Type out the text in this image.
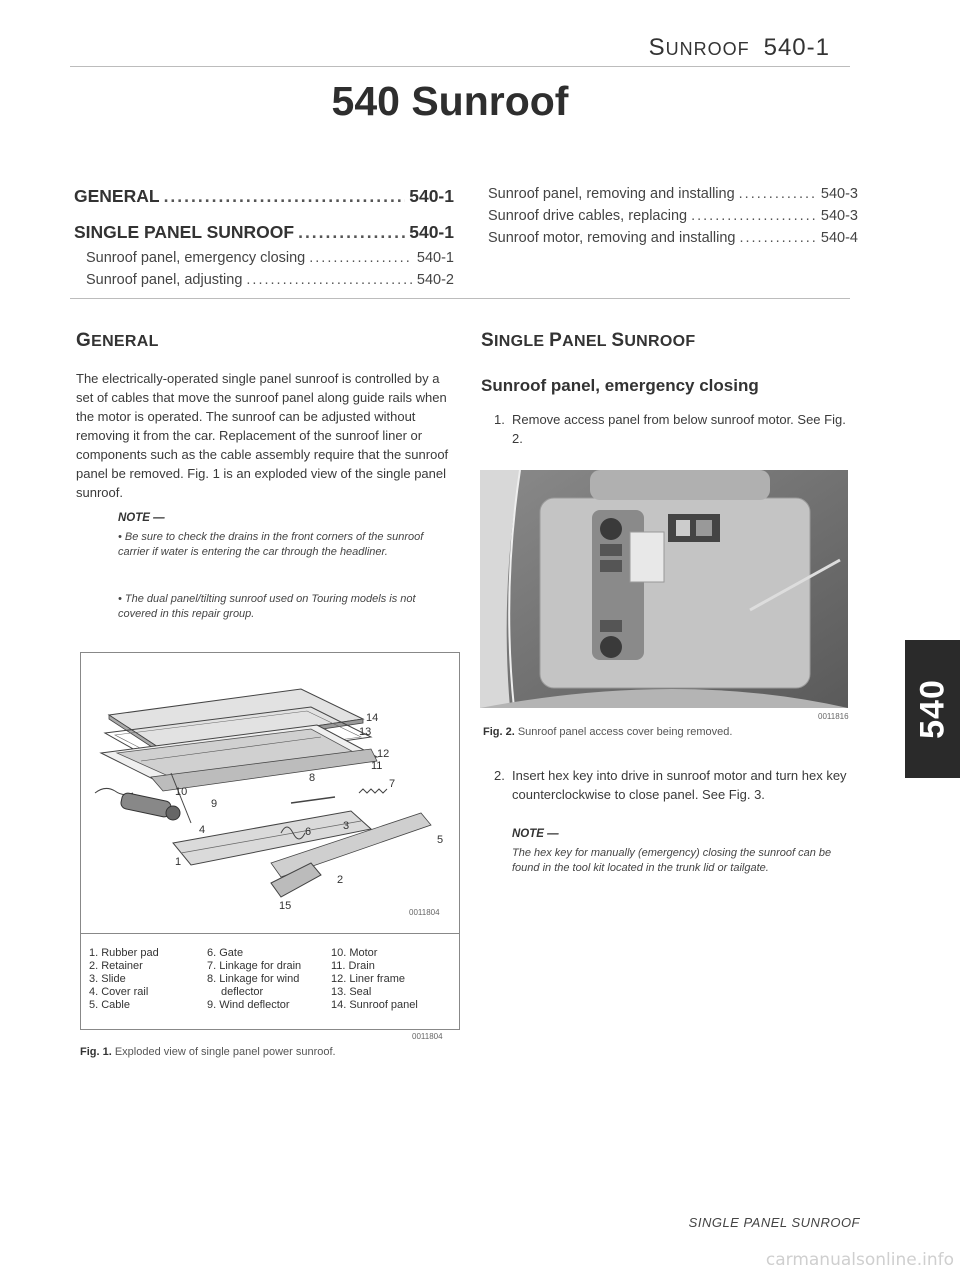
SUNROOF 540-1
540 Sunroof
GENERAL .....	540-1
SINGLE PANEL SUNROOF .....	540-1
Sunroof panel, emergency closing .....	540-1
Sunroof panel, adjusting .....	540-2
Sunroof panel, removing and installing .....	540-3
Sunroof drive cables, replacing .....	540-3
Sunroof motor, removing and installing .....	540-4
GENERAL
The electrically-operated single panel sunroof is controlled by a set of cables that move the sunroof panel along guide rails when the motor is operated. The sunroof can be adjusted without removing it from the car. Replacement of the sunroof liner or components such as the cable assembly require that the sunroof panel be removed. Fig. 1 is an exploded view of the single panel sunroof.
NOTE —
• Be sure to check the drains in the front corners of the sunroof carrier if water is entering the car through the headliner.
• The dual panel/tilting sunroof used on Touring models is not covered in this repair group.
14
13
12
11
10
9
8	7
6
5
4	3
2
1
15
0011804
1. Rubber pad
2. Retainer
3. Slide
4. Cover rail
5. Cable
6. Gate
7. Linkage for drain
8. Linkage for wind
deflector
9. Wind deflector
10. Motor
11. Drain
12. Liner frame
13. Seal
14. Sunroof panel
0011804
Fig. 1. Exploded view of single panel power sunroof.
SINGLE PANEL SUNROOF
Sunroof panel, emergency closing
1. Remove access panel from below sunroof motor. See Fig. 2.
0011816
Fig. 2. Sunroof panel access cover being removed.
2. Insert hex key into drive in sunroof motor and turn hex key counterclockwise to close panel. See Fig. 3.
NOTE —
The hex key for manually (emergency) closing the sunroof can be found in the tool kit located in the trunk lid or tailgate.
540
SINGLE PANEL SUNROOF
carmanualsonline.info
